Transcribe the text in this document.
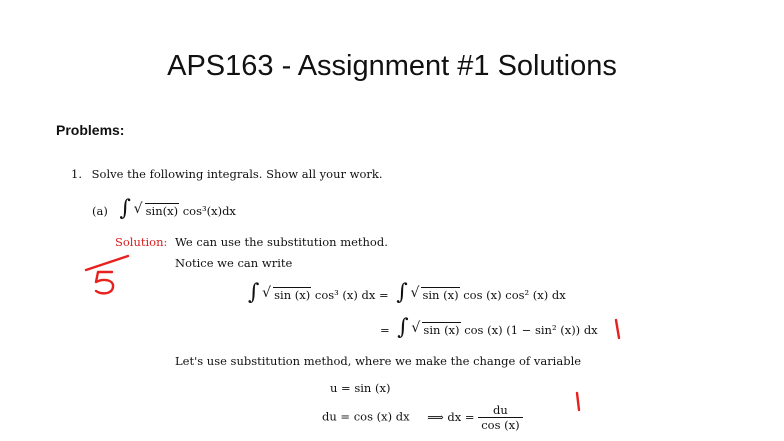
APS163 - Assignment #1 Solutions
Problems:
1. Solve the following integrals. Show all your work.
(a) ∫ √ sin(x) cos³(x)dx
Solution: We can use the substitution method.
Notice we can write
∫ √ sin (x) cos³ (x) dx = ∫ √ sin (x) cos (x) cos² (x) dx
= ∫ √ sin (x) cos (x) (1 − sin² (x)) dx
Let's use substitution method, where we make the change of variable
u = sin (x)
du = cos (x) dx ⟹ dx = $\frac{du}{\cos (x)}$
